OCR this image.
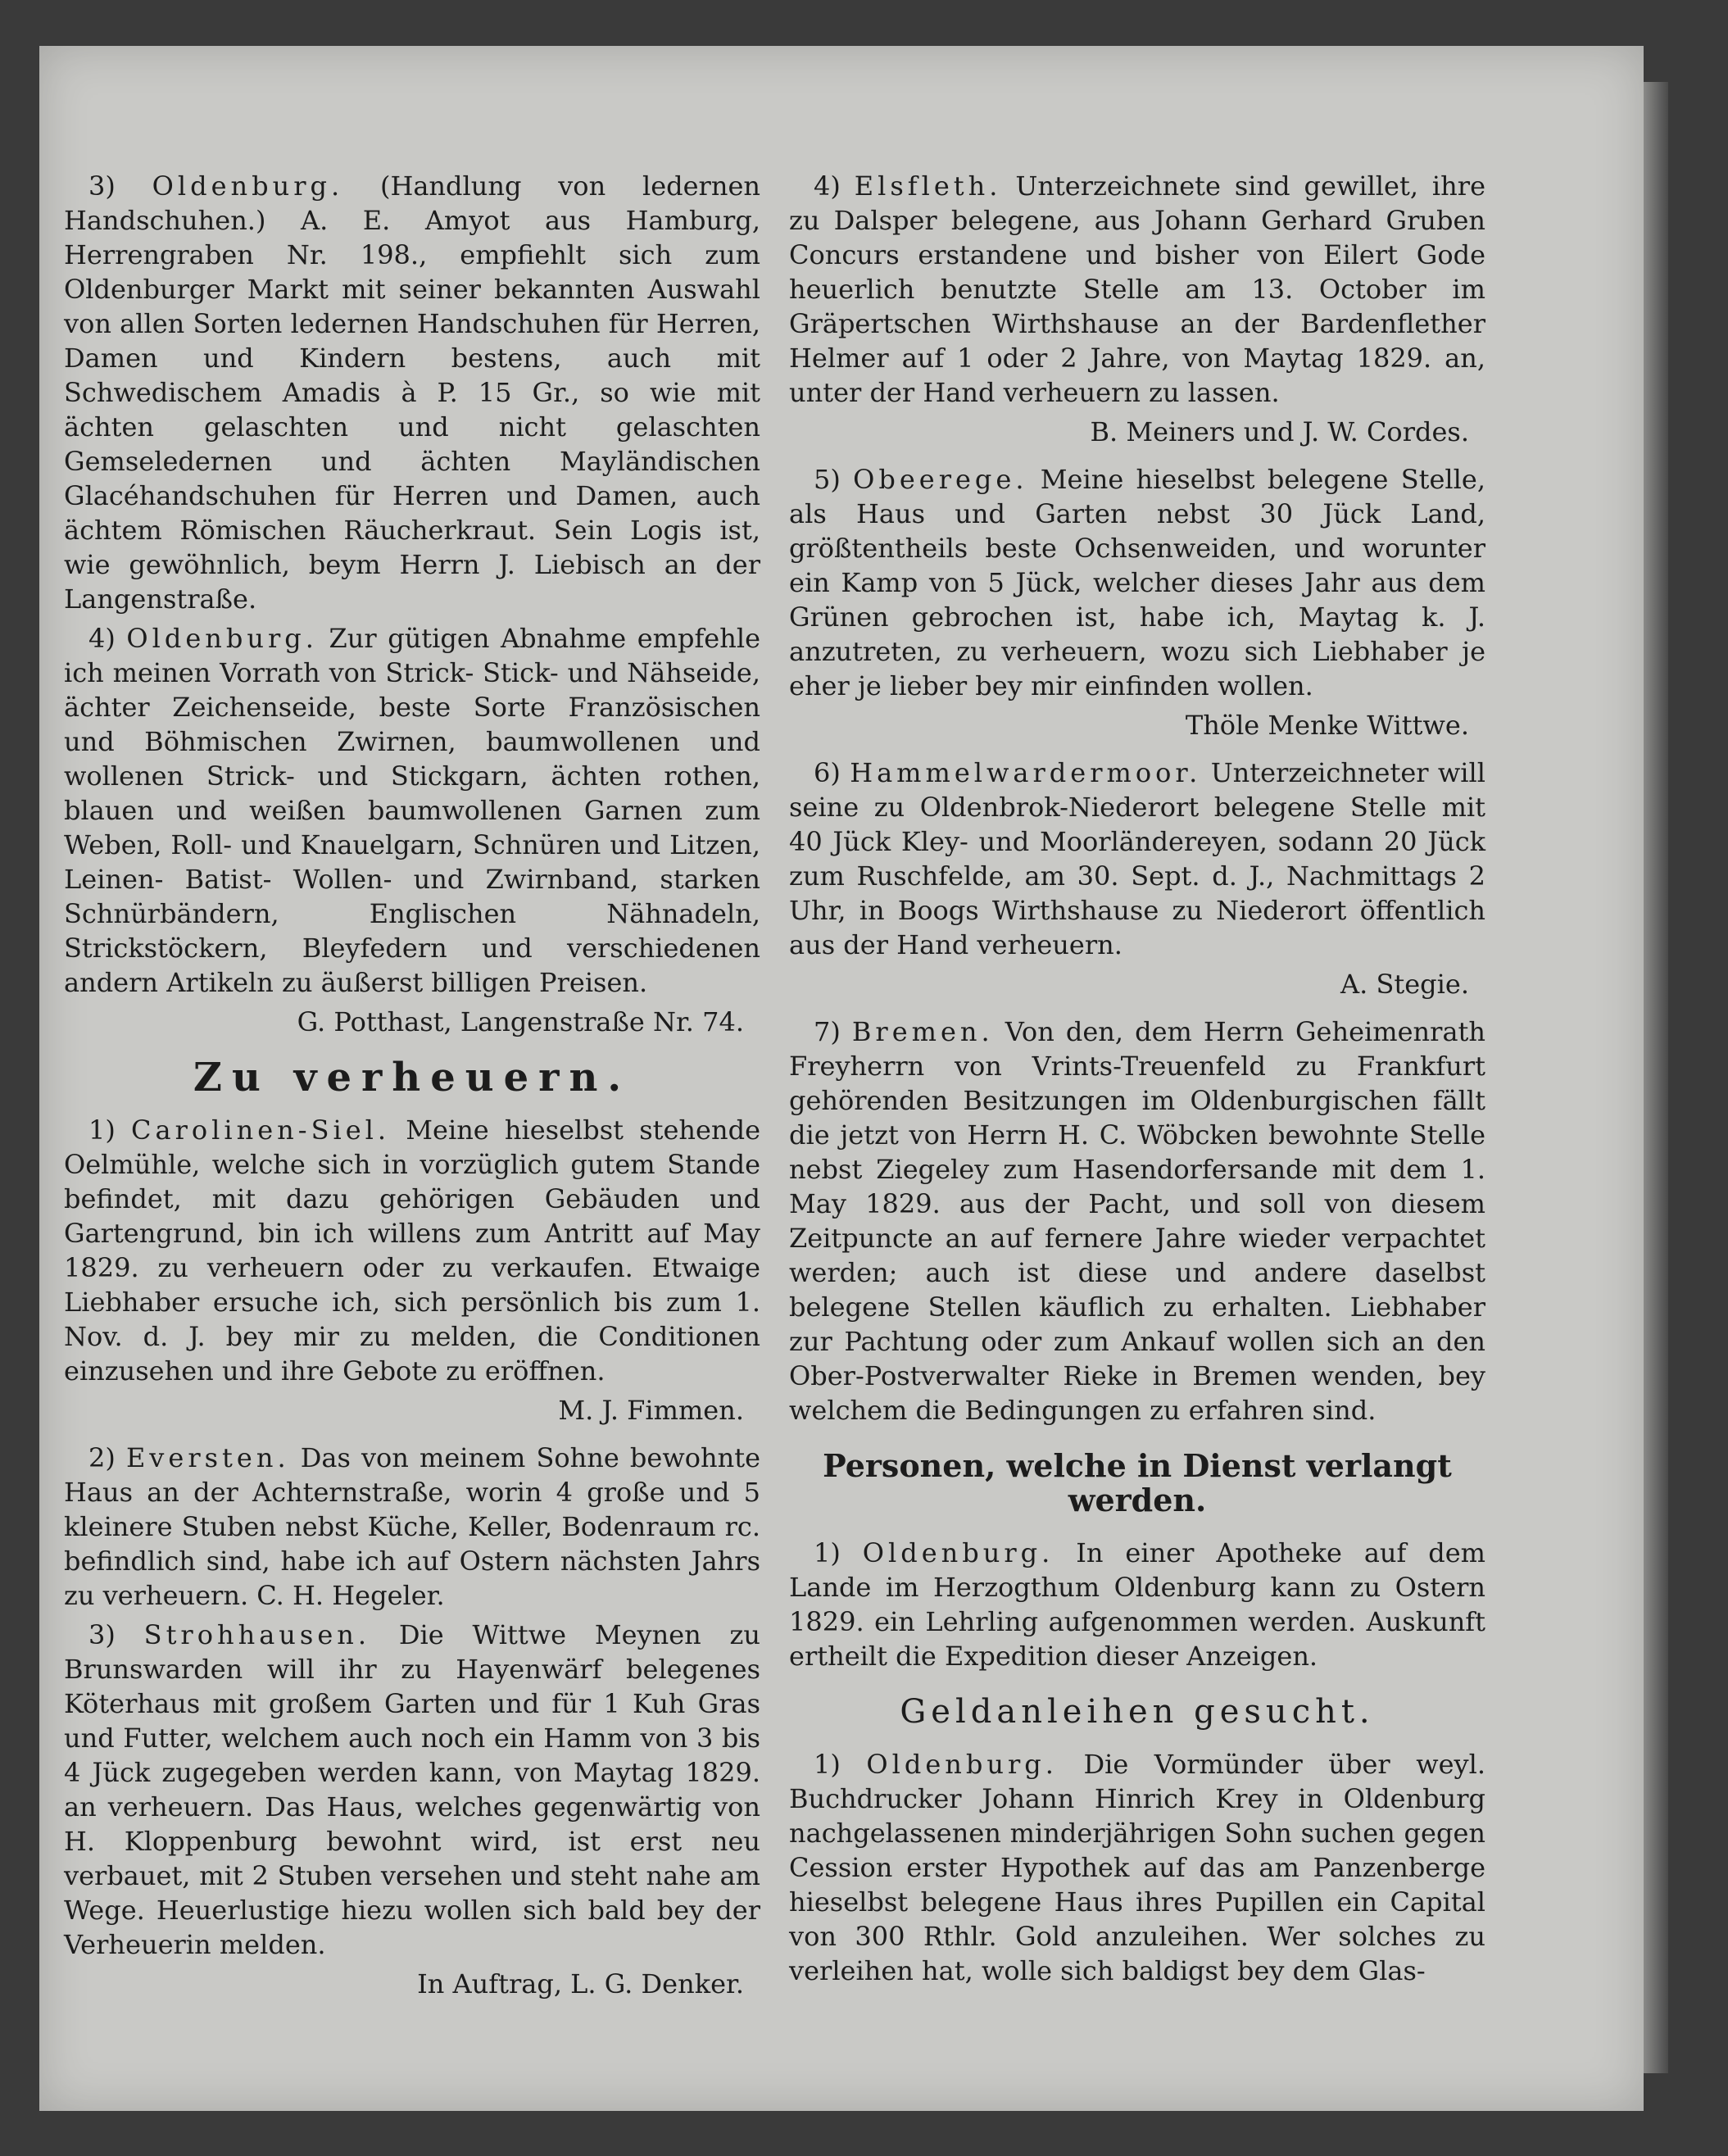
3) Oldenburg. (Handlung von ledernen Handschuhen.) A. E. Amyot aus Hamburg, Herrengraben Nr. 198., empfiehlt sich zum Oldenburger Markt mit seiner bekannten Auswahl von allen Sorten ledernen Handschuhen für Herren, Damen und Kindern bestens, auch mit Schwedischem Amadis à P. 15 Gr., so wie mit ächten gelaschten und nicht gelaschten Gemseledernen und ächten Mayländischen Glacéhandschuhen für Herren und Damen, auch ächtem Römischen Räucherkraut. Sein Logis ist, wie gewöhnlich, beym Herrn J. Liebisch an der Langenstraße.
4) Oldenburg. Zur gütigen Abnahme empfehle ich meinen Vorrath von Strick- Stick- und Nähseide, ächter Zeichenseide, beste Sorte Französischen und Böhmischen Zwirnen, baumwollenen und wollenen Strick- und Stickgarn, ächten rothen, blauen und weißen baumwollenen Garnen zum Weben, Roll- und Knauelgarn, Schnüren und Litzen, Leinen- Batist- Wollen- und Zwirnband, starken Schnürbändern, Englischen Nähnadeln, Strickstöckern, Bleyfedern und verschiedenen andern Artikeln zu äußerst billigen Preisen.
G. Potthast, Langenstraße Nr. 74.
Zu verheuern.
1) Carolinen-Siel. Meine hieselbst stehende Oelmühle, welche sich in vorzüglich gutem Stande befindet, mit dazu gehörigen Gebäuden und Gartengrund, bin ich willens zum Antritt auf May 1829. zu verheuern oder zu verkaufen. Etwaige Liebhaber ersuche ich, sich persönlich bis zum 1. Nov. d. J. bey mir zu melden, die Conditionen einzusehen und ihre Gebote zu eröffnen.
M. J. Fimmen.
2) Eversten. Das von meinem Sohne bewohnte Haus an der Achternstraße, worin 4 große und 5 kleinere Stuben nebst Küche, Keller, Bodenraum rc. befindlich sind, habe ich auf Ostern nächsten Jahrs zu verheuern. C. H. Hegeler.
3) Strohhausen. Die Wittwe Meynen zu Brunswarden will ihr zu Hayenwärf belegenes Köterhaus mit großem Garten und für 1 Kuh Gras und Futter, welchem auch noch ein Hamm von 3 bis 4 Jück zugegeben werden kann, von Maytag 1829. an verheuern. Das Haus, welches gegenwärtig von H. Kloppenburg bewohnt wird, ist erst neu verbauet, mit 2 Stuben versehen und steht nahe am Wege. Heuerlustige hiezu wollen sich bald bey der Verheuerin melden.
In Auftrag, L. G. Denker.
4) Elsfleth. Unterzeichnete sind gewillet, ihre zu Dalsper belegene, aus Johann Gerhard Gruben Concurs erstandene und bisher von Eilert Gode heuerlich benutzte Stelle am 13. October im Gräpertschen Wirthshause an der Bardenflether Helmer auf 1 oder 2 Jahre, von Maytag 1829. an, unter der Hand verheuern zu lassen.
B. Meiners und J. W. Cordes.
5) Obeerege. Meine hieselbst belegene Stelle, als Haus und Garten nebst 30 Jück Land, größtentheils beste Ochsenweiden, und worunter ein Kamp von 5 Jück, welcher dieses Jahr aus dem Grünen gebrochen ist, habe ich, Maytag k. J. anzutreten, zu verheuern, wozu sich Liebhaber je eher je lieber bey mir einfinden wollen.
Thöle Menke Wittwe.
6) Hammelwardermoor. Unterzeichneter will seine zu Oldenbrok-Niederort belegene Stelle mit 40 Jück Kley- und Moorländereyen, sodann 20 Jück zum Ruschfelde, am 30. Sept. d. J., Nachmittags 2 Uhr, in Boogs Wirthshause zu Niederort öffentlich aus der Hand verheuern.
A. Stegie.
7) Bremen. Von den, dem Herrn Geheimenrath Freyherrn von Vrints-Treuenfeld zu Frankfurt gehörenden Besitzungen im Oldenburgischen fällt die jetzt von Herrn H. C. Wöbcken bewohnte Stelle nebst Ziegeley zum Hasendorfersande mit dem 1. May 1829. aus der Pacht, und soll von diesem Zeitpuncte an auf fernere Jahre wieder verpachtet werden; auch ist diese und andere daselbst belegene Stellen käuflich zu erhalten. Liebhaber zur Pachtung oder zum Ankauf wollen sich an den Ober-Postverwalter Rieke in Bremen wenden, bey welchem die Bedingungen zu erfahren sind.
Personen, welche in Dienst verlangt werden.
1) Oldenburg. In einer Apotheke auf dem Lande im Herzogthum Oldenburg kann zu Ostern 1829. ein Lehrling aufgenommen werden. Auskunft ertheilt die Expedition dieser Anzeigen.
Geldanleihen gesucht.
1) Oldenburg. Die Vormünder über weyl. Buchdrucker Johann Hinrich Krey in Oldenburg nachgelassenen minderjährigen Sohn suchen gegen Cession erster Hypothek auf das am Panzenberge hieselbst belegene Haus ihres Pupillen ein Capital von 300 Rthlr. Gold anzuleihen. Wer solches zu verleihen hat, wolle sich baldigst bey dem Glas-
